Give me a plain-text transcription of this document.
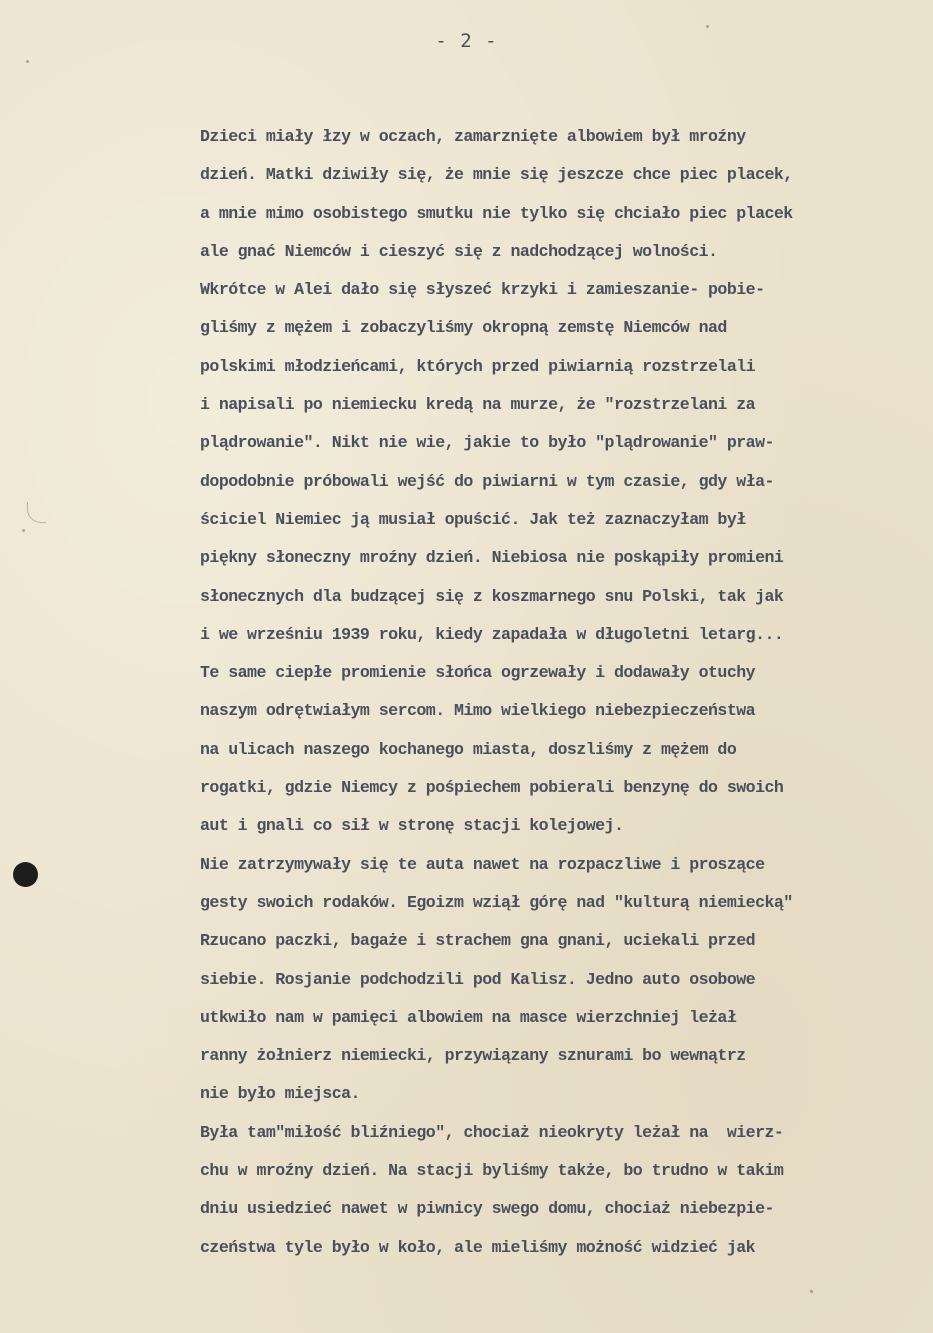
- 2 -
Dzieci miały łzy w oczach, zamarznięte albowiem był mroźny
dzień. Matki dziwiły się, że mnie się jeszcze chce piec placek,
a mnie mimo osobistego smutku nie tylko się chciało piec placek
ale gnać Niemców i cieszyć się z nadchodzącej wolności.
Wkrótce w Alei dało się słyszeć krzyki i zamieszanie- pobie-
gliśmy z mężem i zobaczyliśmy okropną zemstę Niemców nad
polskimi młodzieńcami, których przed piwiarnią rozstrzelali
i napisali po niemiecku kredą na murze, że "rozstrzelani za
plądrowanie". Nikt nie wie, jakie to było "plądrowanie" praw-
dopodobnie próbowali wejść do piwiarni w tym czasie, gdy wła-
ściciel Niemiec ją musiał opuścić. Jak też zaznaczyłam był
piękny słoneczny mroźny dzień. Niebiosa nie poskąpiły promieni
słonecznych dla budzącej się z koszmarnego snu Polski, tak jak
i we wrześniu 1939 roku, kiedy zapadała w długoletni letarg...
Te same ciepłe promienie słońca ogrzewały i dodawały otuchy
naszym odrętwiałym sercom. Mimo wielkiego niebezpieczeństwa
na ulicach naszego kochanego miasta, doszliśmy z mężem do
rogatki, gdzie Niemcy z pośpiechem pobierali benzynę do swoich
aut i gnali co sił w stronę stacji kolejowej.
Nie zatrzymywały się te auta nawet na rozpaczliwe i proszące
gesty swoich rodaków. Egoizm wziął górę nad "kulturą niemiecką"
Rzucano paczki, bagaże i strachem gna gnani, uciekali przed
siebie. Rosjanie podchodzili pod Kalisz. Jedno auto osobowe
utkwiło nam w pamięci albowiem na masce wierzchniej leżał
ranny żołnierz niemiecki, przywiązany sznurami bo wewnątrz
nie było miejsca.
Była tam"miłość bliźniego", chociaż nieokryty leżał na  wierz-
chu w mroźny dzień. Na stacji byliśmy także, bo trudno w takim
dniu usiedzieć nawet w piwnicy swego domu, chociaż niebezpie-
czeństwa tyle było w koło, ale mieliśmy możność widzieć jak
